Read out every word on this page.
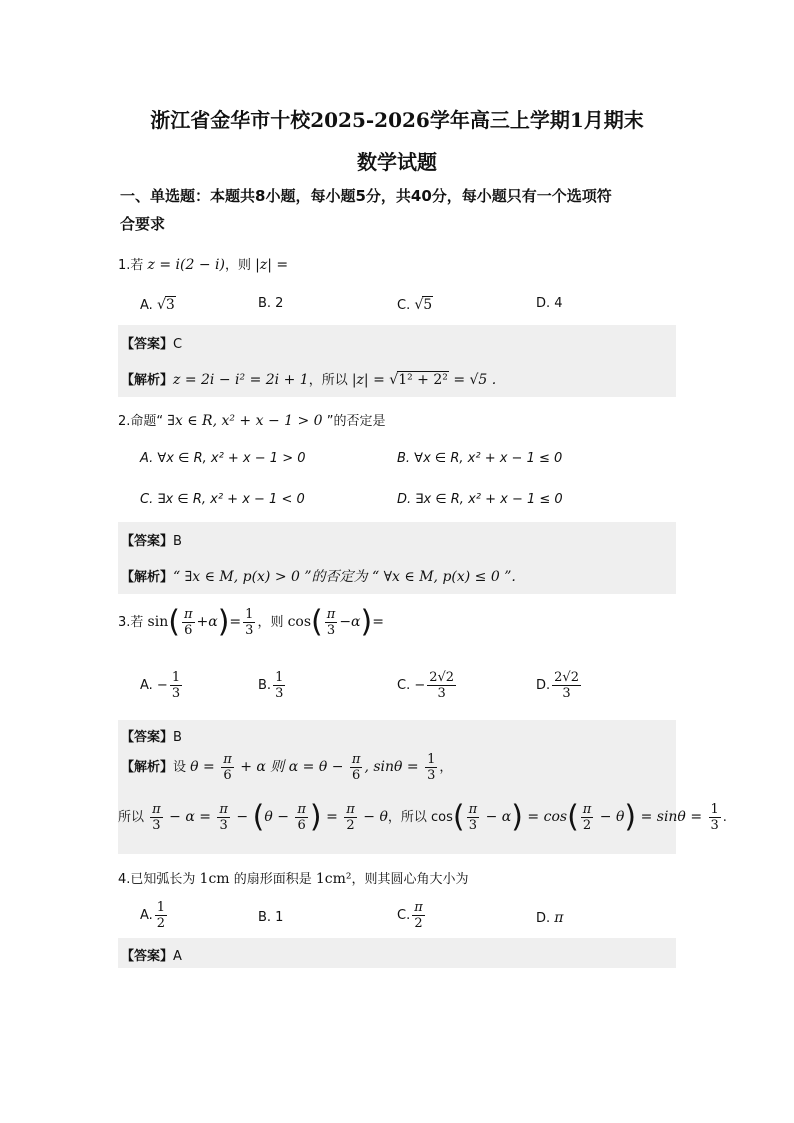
浙江省金华市十校2025-2026学年高三上学期1月期末
数学试题
一、单选题：本题共8小题，每小题5分，共40分，每小题只有一个选项符
合要求
1.若 z = i(2 − i)，则 |z| =
A. √3	B. 2	C. √5	D. 4
【答案】C
【解析】z = 2i − i² = 2i + 1，所以 |z| = √1² + 2² = √5 .
2.命题“ ∃x ∈ R, x² + x − 1 > 0 ”的否定是
A. ∀x ∈ R, x² + x − 1 > 0	B. ∀x ∈ R, x² + x − 1 ≤ 0
C. ∃x ∈ R, x² + x − 1 < 0	D. ∃x ∈ R, x² + x − 1 ≤ 0
【答案】B
【解析】“ ∃x ∈ M, p(x) > 0 ”的否定为 “ ∀x ∈ M, p(x) ≤ 0 ”.
3.若 $\sin( \frac{\pi}{6} +\alpha)= \frac{1}{3}$ ，则 $\cos( \frac{\pi}{3} -\alpha)=$
A. − $\frac{1}{3}$	B. $\frac{1}{3}$	C. − $\frac{2√2}{3}$	D. $\frac{2√2}{3}$
【答案】B
【解析】设 $\theta = \frac{\pi}{6} + \alpha$ 则 $\alpha = \theta - \frac{\pi}{6}$ , $\sin\theta = \frac{1}{3}$ ，
所以 $\frac{\pi}{3} - \alpha = \frac{\pi}{3} - (\theta - \frac{\pi}{6}$ ) = $\frac{\pi}{2} - \theta$，所以 $\cos( \frac{\pi}{3} - \alpha) = \cos( \frac{\pi}{2} - \theta) = \sin\theta = \frac{1}{3}$ .
4.已知弧长为 1cm 的扇形面积是 1cm²，则其圆心角大小为
A. $\frac{1}{2}$	B. 1	C. $\frac{\pi}{2}$	D. π
【答案】A
